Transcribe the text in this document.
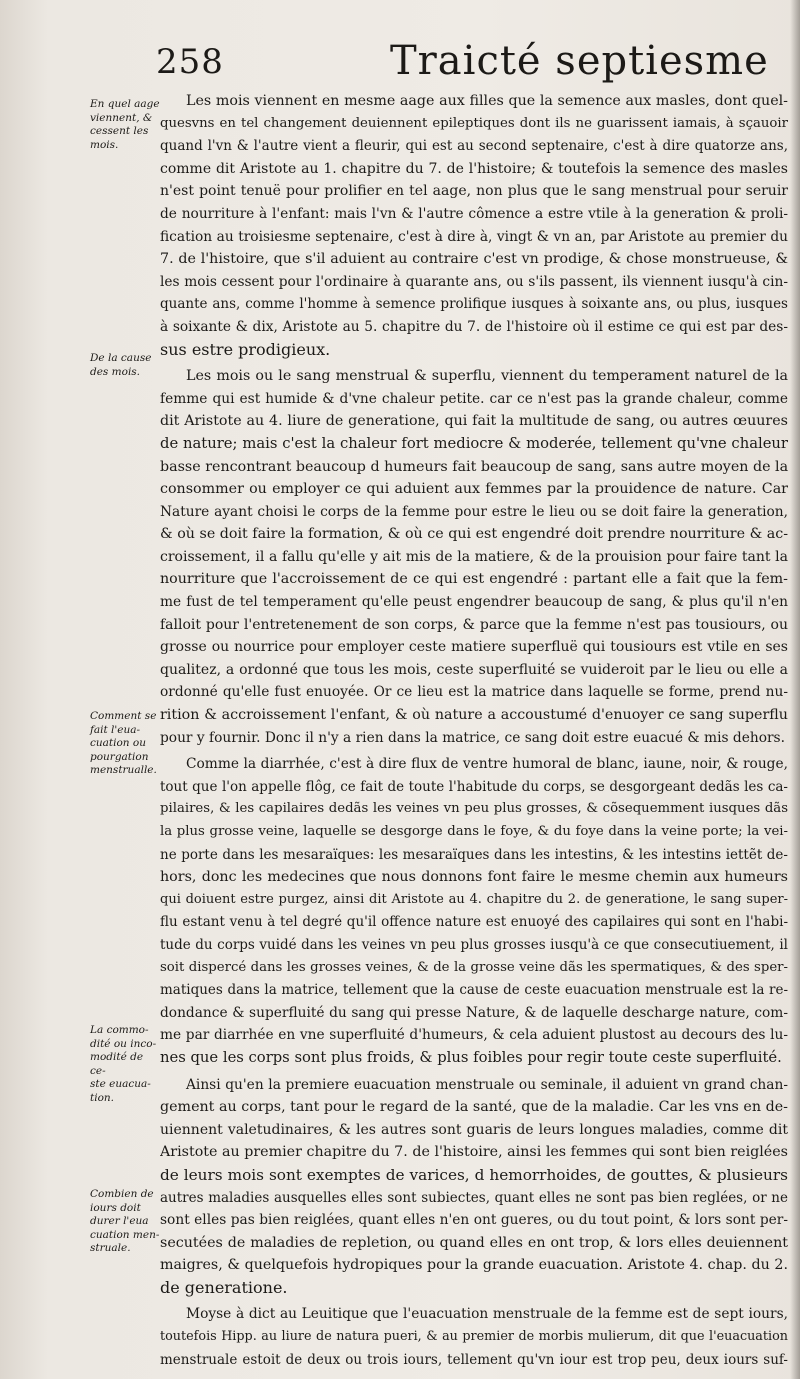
258	Traicté septiesme
En quel aage
viennent, &
cessent les
mois.
De la cause
des mois.
Comment se
fait l'eua-
cuation ou
pourgation
menstrualle.
La commo-
dité ou inco-
modité de ce-
ste euacua-
tion.
Combien de
iours doit
durer l'eua
cuation men-
struale.
Les mois viennent en mesme aage aux filles que la semence aux masles, dont quel-
quesvns en tel changement deuiennent epileptiques dont ils ne guarissent iamais, à sçauoir
quand l'vn & l'autre vient a fleurir, qui est au second septenaire, c'est à dire quatorze ans,
comme dit Aristote au 1. chapitre du 7. de l'histoire; & toutefois la semence des masles
n'est point tenuë pour prolifier en tel aage, non plus que le sang menstrual pour seruir
de nourriture à l'enfant: mais l'vn & l'autre cômence a estre vtile à la generation & proli-
fication au troisiesme septenaire, c'est à dire à, vingt & vn an, par Aristote au premier du
7. de l'histoire, que s'il aduient au contraire c'est vn prodige, & chose monstrueuse, &
les mois cessent pour l'ordinaire à quarante ans, ou s'ils passent, ils viennent iusqu'à cin-
quante ans, comme l'homme à semence prolifique iusques à soixante ans, ou plus, iusques
à soixante & dix, Aristote au 5. chapitre du 7. de l'histoire où il estime ce qui est par des-
sus estre prodigieux.
Les mois ou le sang menstrual & superflu, viennent du temperament naturel de la
femme qui est humide & d'vne chaleur petite. car ce n'est pas la grande chaleur, comme
dit Aristote au 4. liure de generatione, qui fait la multitude de sang, ou autres œuures
de nature; mais c'est la chaleur fort mediocre & moderée, tellement qu'vne chaleur
basse rencontrant beaucoup d humeurs fait beaucoup de sang, sans autre moyen de la
consommer ou employer ce qui aduient aux femmes par la prouidence de nature. Car
Nature ayant choisi le corps de la femme pour estre le lieu ou se doit faire la generation,
& où se doit faire la formation, & où ce qui est engendré doit prendre nourriture & ac-
croissement, il a fallu qu'elle y ait mis de la matiere, & de la prouision pour faire tant la
nourriture que l'accroissement de ce qui est engendré : partant elle a fait que la fem-
me fust de tel temperament qu'elle peust engendrer beaucoup de sang, & plus qu'il n'en
falloit pour l'entretenement de son corps, & parce que la femme n'est pas tousiours, ou
grosse ou nourrice pour employer ceste matiere superfluë qui tousiours est vtile en ses
qualitez, a ordonné que tous les mois, ceste superfluité se vuideroit par le lieu ou elle a
ordonné qu'elle fust enuoyée. Or ce lieu est la matrice dans laquelle se forme, prend nu-
rition & accroissement l'enfant, & où nature a accoustumé d'enuoyer ce sang superflu
pour y fournir. Donc il n'y a rien dans la matrice, ce sang doit estre euacué & mis dehors.
Comme la diarrhée, c'est à dire flux de ventre humoral de blanc, iaune, noir, & rouge,
tout que l'on appelle flôg, ce fait de toute l'habitude du corps, se desgorgeant dedãs les ca-
pilaires, & les capilaires dedãs les veines vn peu plus grosses, & cõsequemment iusques dãs
la plus grosse veine, laquelle se desgorge dans le foye, & du foye dans la veine porte; la vei-
ne porte dans les mesaraïques: les mesaraïques dans les intestins, & les intestins iettẽt de-
hors, donc les medecines que nous donnons font faire le mesme chemin aux humeurs
qui doiuent estre purgez, ainsi dit Aristote au 4. chapitre du 2. de generatione, le sang super-
flu estant venu à tel degré qu'il offence nature est enuoyé des capilaires qui sont en l'habi-
tude du corps vuidé dans les veines vn peu plus grosses iusqu'à ce que consecutiuement, il
soit dispercé dans les grosses veines, & de la grosse veine dãs les spermatiques, & des sper-
matiques dans la matrice, tellement que la cause de ceste euacuation menstruale est la re-
dondance & superfluité du sang qui presse Nature, & de laquelle descharge nature, com-
me par diarrhée en vne superfluité d'humeurs, & cela aduient plustost au decours des lu-
nes que les corps sont plus froids, & plus foibles pour regir toute ceste superfluité.
Ainsi qu'en la premiere euacuation menstruale ou seminale, il aduient vn grand chan-
gement au corps, tant pour le regard de la santé, que de la maladie. Car les vns en de-
uiennent valetudinaires, & les autres sont guaris de leurs longues maladies, comme dit
Aristote au premier chapitre du 7. de l'histoire, ainsi les femmes qui sont bien reiglées
de leurs mois sont exemptes de varices, d hemorrhoides, de gouttes, & plusieurs
autres maladies ausquelles elles sont subiectes, quant elles ne sont pas bien reglées, or ne
sont elles pas bien reiglées, quant elles n'en ont gueres, ou du tout point, & lors sont per-
secutées de maladies de repletion, ou quand elles en ont trop, & lors elles deuiennent
maigres, & quelquefois hydropiques pour la grande euacuation. Aristote 4. chap. du 2.
de generatione.
Moyse à dict au Leuitique que l'euacuation menstruale de la femme est de sept iours,
toutefois Hipp. au liure de natura pueri, & au premier de morbis mulierum, dit que l'euacuation
menstruale estoit de deux ou trois iours, tellement qu'vn iour est trop peu, deux iours suf-
